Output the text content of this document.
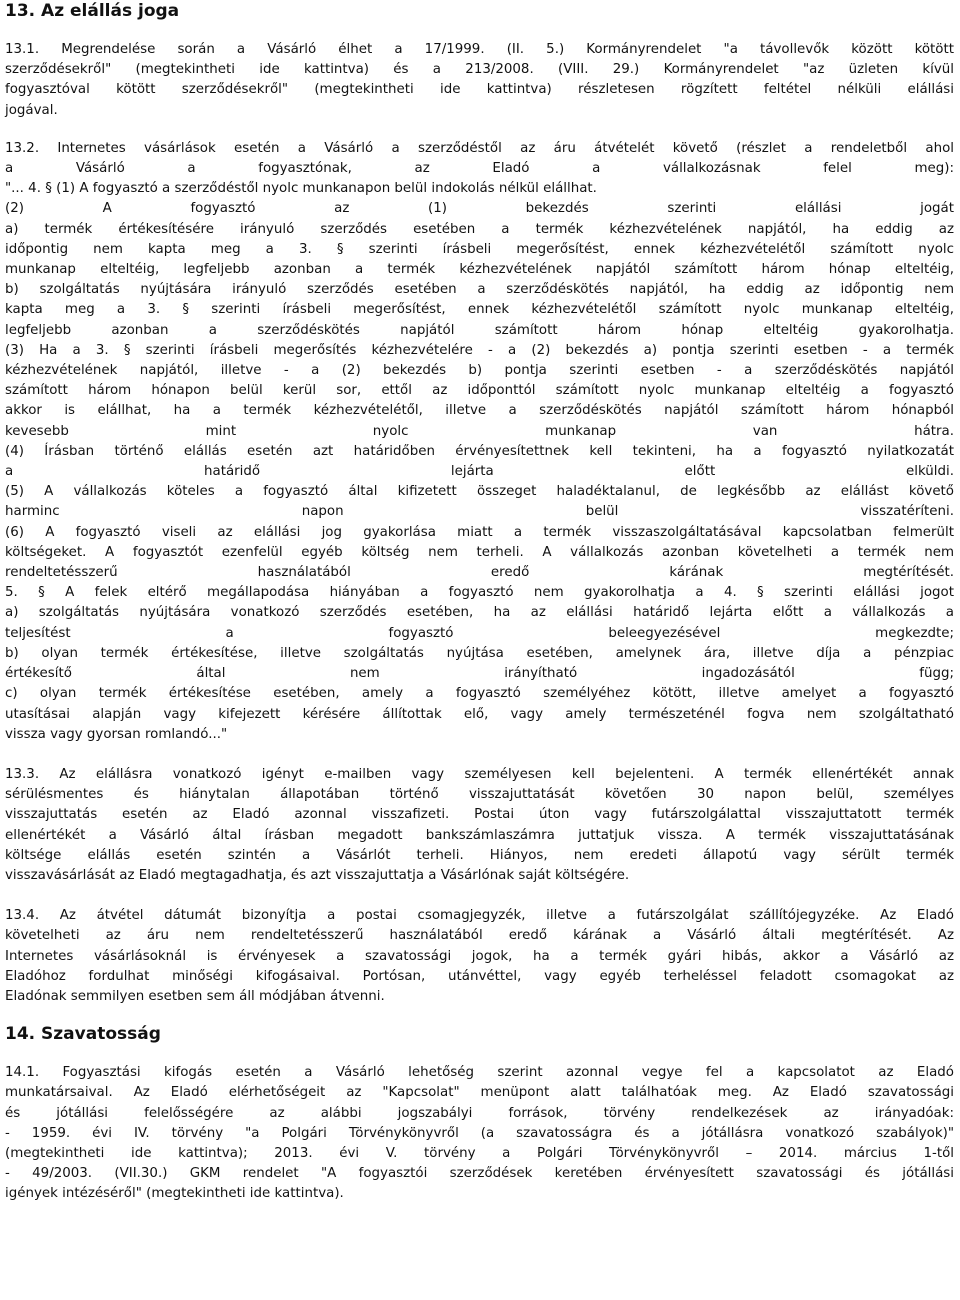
13. Az elállás joga

13.1. Megrendelése során a Vásárló élhet a 17/1999. (II. 5.) Kormányrendelet "a távollevők között kötött
szerződésekről" (megtekintheti ide kattintva) és a 213/2008. (VIII. 29.) Kormányrendelet "az üzleten kívül
fogyasztóval kötött szerződésekről" (megtekintheti ide kattintva) részletesen rögzített feltétel nélküli elállási
jogával.

13.2. Internetes vásárlások esetén a Vásárló a szerződéstől az áru átvételét követő (részlet a rendeletből ahol
a Vásárló a fogyasztónak, az Eladó a vállalkozásnak felel meg):
"... 4. § (1) A fogyasztó a szerződéstől nyolc munkanapon belül indokolás nélkül elállhat.
(2) A fogyasztó az (1) bekezdés szerinti elállási jogát
a) termék értékesítésére irányuló szerződés esetében a termék kézhezvételének napjától, ha eddig az
időpontig nem kapta meg a 3. § szerinti írásbeli megerősítést, ennek kézhezvételétől számított nyolc
munkanap elteltéig, legfeljebb azonban a termék kézhezvételének napjától számított három hónap elteltéig,
b) szolgáltatás nyújtására irányuló szerződés esetében a szerződéskötés napjától, ha eddig az időpontig nem
kapta meg a 3. § szerinti írásbeli megerősítést, ennek kézhezvételétől számított nyolc munkanap elteltéig,
legfeljebb azonban a szerződéskötés napjától számított három hónap elteltéig gyakorolhatja.
(3) Ha a 3. § szerinti írásbeli megerősítés kézhezvételére - a (2) bekezdés a) pontja szerinti esetben - a termék
kézhezvételének napjától, illetve - a (2) bekezdés b) pontja szerinti esetben - a szerződéskötés napjától
számított három hónapon belül kerül sor, ettől az időponttól számított nyolc munkanap elteltéig a fogyasztó
akkor is elállhat, ha a termék kézhezvételétől, illetve a szerződéskötés napjától számított három hónapból
kevesebb mint nyolc munkanap van hátra.
(4) Írásban történő elállás esetén azt határidőben érvényesítettnek kell tekinteni, ha a fogyasztó nyilatkozatát
a határidő lejárta előtt elküldi.
(5) A vállalkozás köteles a fogyasztó által kifizetett összeget haladéktalanul, de legkésőbb az elállást követő
harminc napon belül visszatéríteni.
(6) A fogyasztó viseli az elállási jog gyakorlása miatt a termék visszaszolgáltatásával kapcsolatban felmerült
költségeket. A fogyasztót ezenfelül egyéb költség nem terheli. A vállalkozás azonban követelheti a termék nem
rendeltetésszerű használatából eredő kárának megtérítését.
5. § A felek eltérő megállapodása hiányában a fogyasztó nem gyakorolhatja a 4. § szerinti elállási jogot
a) szolgáltatás nyújtására vonatkozó szerződés esetében, ha az elállási határidő lejárta előtt a vállalkozás a
teljesítést a fogyasztó beleegyezésével megkezdte;
b) olyan termék értékesítése, illetve szolgáltatás nyújtása esetében, amelynek ára, illetve díja a pénzpiac
értékesítő által nem irányítható ingadozásától függ;
c) olyan termék értékesítése esetében, amely a fogyasztó személyéhez kötött, illetve amelyet a fogyasztó
utasításai alapján vagy kifejezett kérésére állítottak elő, vagy amely természeténél fogva nem szolgáltatható
vissza vagy gyorsan romlandó..."

13.3. Az elállásra vonatkozó igényt e-mailben vagy személyesen kell bejelenteni. A termék ellenértékét annak
sérülésmentes és hiánytalan állapotában történő visszajuttatását követően 30 napon belül, személyes
visszajuttatás esetén az Eladó azonnal visszafizeti. Postai úton vagy futárszolgálattal visszajuttatott termék
ellenértékét a Vásárló által írásban megadott bankszámlaszámra juttatjuk vissza. A termék visszajuttatásának
költsége elállás esetén szintén a Vásárlót terheli. Hiányos, nem eredeti állapotú vagy sérült termék
visszavásárlását az Eladó megtagadhatja, és azt visszajuttatja a Vásárlónak saját költségére.

13.4. Az átvétel dátumát bizonyítja a postai csomagjegyzék, illetve a futárszolgálat szállítójegyzéke. Az Eladó
követelheti az áru nem rendeltetésszerű használatából eredő kárának a Vásárló általi megtérítését. Az
Internetes vásárlásoknál is érvényesek a szavatossági jogok, ha a termék gyári hibás, akkor a Vásárló az
Eladóhoz fordulhat minőségi kifogásaival. Portósan, utánvéttel, vagy egyéb terheléssel feladott csomagokat az
Eladónak semmilyen esetben sem áll módjában átvenni.

14. Szavatosság

14.1. Fogyasztási kifogás esetén a Vásárló lehetőség szerint azonnal vegye fel a kapcsolatot az Eladó
munkatársaival. Az Eladó elérhetőségeit az "Kapcsolat" menüpont alatt találhatóak meg. Az Eladó szavatossági
és jótállási felelősségére az alábbi jogszabályi források, törvény rendelkezések az irányadóak:
- 1959. évi IV. törvény "a Polgári Törvénykönyvről (a szavatosságra és a jótállásra vonatkozó szabályok)"
(megtekintheti ide kattintva); 2013. évi V. törvény a Polgári Törvénykönyvről – 2014. március 1-től
- 49/2003. (VII.30.) GKM rendelet "A fogyasztói szerződések keretében érvényesített szavatossági és jótállási
igények intézéséről" (megtekintheti ide kattintva).
